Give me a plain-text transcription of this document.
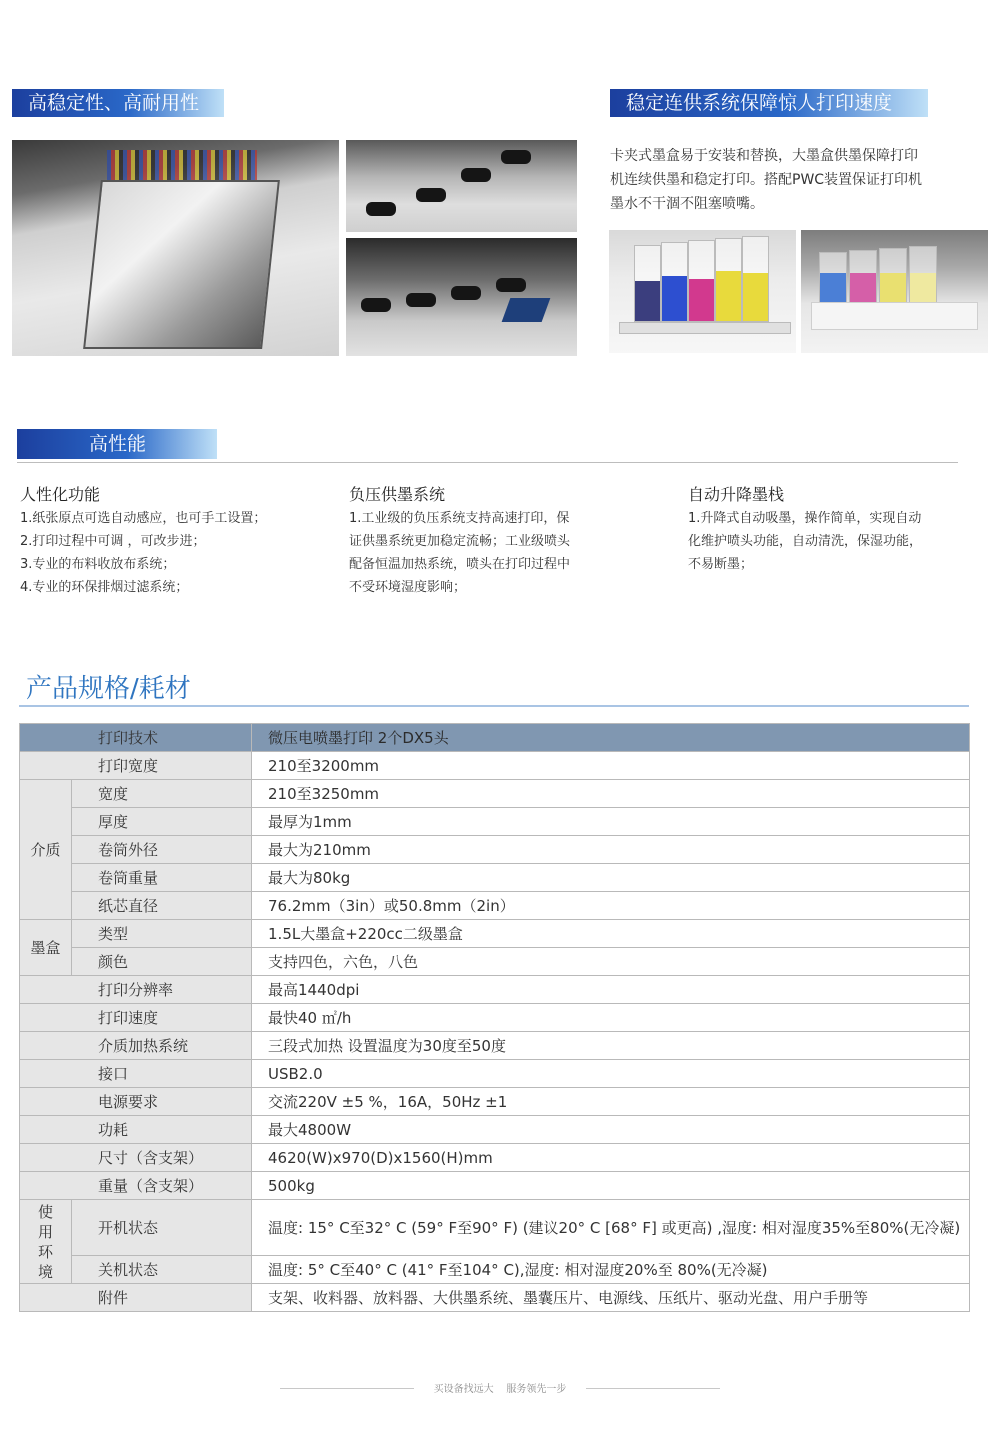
高稳定性、高耐用性	稳定连供系统保障惊人打印速度
卡夹式墨盒易于安装和替换，大墨盒供墨保障打印
机连续供墨和稳定打印。搭配PWC装置保证打印机
墨水不干涸不阻塞喷嘴。
高性能
人性化功能
1.纸张原点可选自动感应，也可手工设置；
2.打印过程中可调 ，可改步进；
3.专业的布料收放布系统；
4.专业的环保排烟过滤系统；
负压供墨系统
1.工业级的负压系统支持高速打印，保
证供墨系统更加稳定流畅；工业级喷头
配备恒温加热系统，喷头在打印过程中
不受环境湿度影响；
自动升降墨栈
1.升降式自动吸墨，操作简单，实现自动
化维护喷头功能，自动清洗，保湿功能，
不易断墨；
产品规格/耗材
打印技术		微压电喷墨打印 2个DX5头
打印宽度		210至3200mm
介质	宽度	210至3250mm
	厚度	最厚为1mm
	卷筒外径	最大为210mm
	卷筒重量	最大为80kg
	纸芯直径	76.2mm（3in）或50.8mm（2in）
墨盒	类型	1.5L大墨盒+220cc二级墨盒
	颜色	支持四色，六色，八色
打印分辨率		最高1440dpi
打印速度		最快40 ㎡/h
介质加热系统		三段式加热 设置温度为30度至50度
接口		USB2.0
电源要求		交流220V ±5 %，16A，50Hz ±1
功耗		最大4800W
尺寸（含支架）		4620(W)x970(D)x1560(H)mm
重量（含支架）		500kg

使用环境	开机状态	温度: 15° C至32° C (59° F至90° F) (建议20° C [68° F] 或更高) ,湿度: 相对湿度35%至80%(无冷凝)
	关机状态	温度: 5° C至40° C (41° F至104° C),湿度: 相对湿度20%至 80%(无冷凝)
附件		支架、收料器、放料器、大供墨系统、墨囊压片、电源线、压纸片、驱动光盘、用户手册等
买设备找远大    服务领先一步
